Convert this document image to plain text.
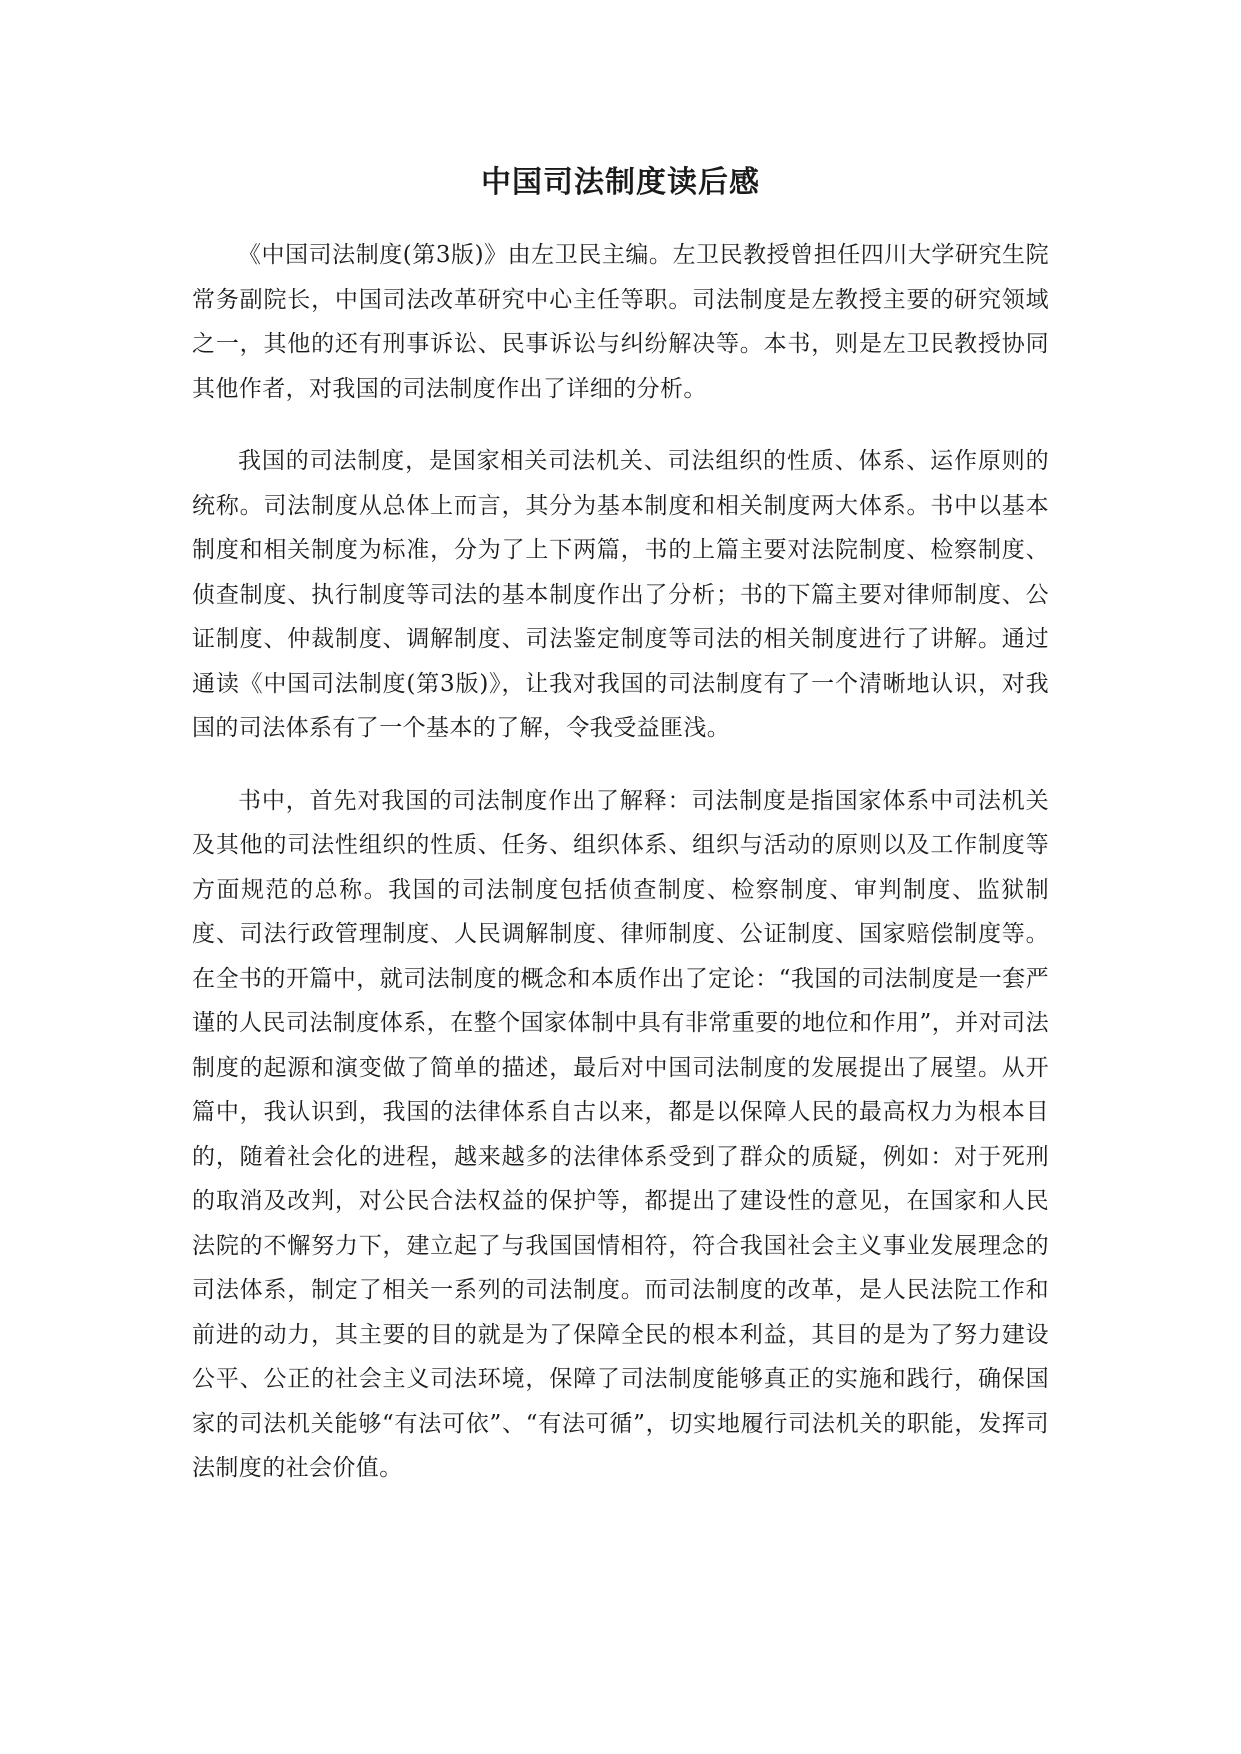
中国司法制度读后感

《中国司法制度(第3版)》由左卫民主编。左卫民教授曾担任四川大学研究生院常务副院长，中国司法改革研究中心主任等职。司法制度是左教授主要的研究领域之一，其他的还有刑事诉讼、民事诉讼与纠纷解决等。本书，则是左卫民教授协同其他作者，对我国的司法制度作出了详细的分析。

我国的司法制度，是国家相关司法机关、司法组织的性质、体系、运作原则的统称。司法制度从总体上而言，其分为基本制度和相关制度两大体系。书中以基本制度和相关制度为标准，分为了上下两篇，书的上篇主要对法院制度、检察制度、侦查制度、执行制度等司法的基本制度作出了分析；书的下篇主要对律师制度、公证制度、仲裁制度、调解制度、司法鉴定制度等司法的相关制度进行了讲解。通过通读《中国司法制度(第3版)》，让我对我国的司法制度有了一个清晰地认识，对我国的司法体系有了一个基本的了解，令我受益匪浅。

书中，首先对我国的司法制度作出了解释：司法制度是指国家体系中司法机关及其他的司法性组织的性质、任务、组织体系、组织与活动的原则以及工作制度等方面规范的总称。我国的司法制度包括侦查制度、检察制度、审判制度、监狱制度、司法行政管理制度、人民调解制度、律师制度、公证制度、国家赔偿制度等。在全书的开篇中，就司法制度的概念和本质作出了定论：“我国的司法制度是一套严谨的人民司法制度体系，在整个国家体制中具有非常重要的地位和作用”，并对司法制度的起源和演变做了简单的描述，最后对中国司法制度的发展提出了展望。从开篇中，我认识到，我国的法律体系自古以来，都是以保障人民的最高权力为根本目的，随着社会化的进程，越来越多的法律体系受到了群众的质疑，例如：对于死刑的取消及改判，对公民合法权益的保护等，都提出了建设性的意见，在国家和人民法院的不懈努力下，建立起了与我国国情相符，符合我国社会主义事业发展理念的司法体系，制定了相关一系列的司法制度。而司法制度的改革，是人民法院工作和前进的动力，其主要的目的就是为了保障全民的根本利益，其目的是为了努力建设公平、公正的社会主义司法环境，保障了司法制度能够真正的实施和践行，确保国家的司法机关能够“有法可依”、“有法可循”，切实地履行司法机关的职能，发挥司法制度的社会价值。
